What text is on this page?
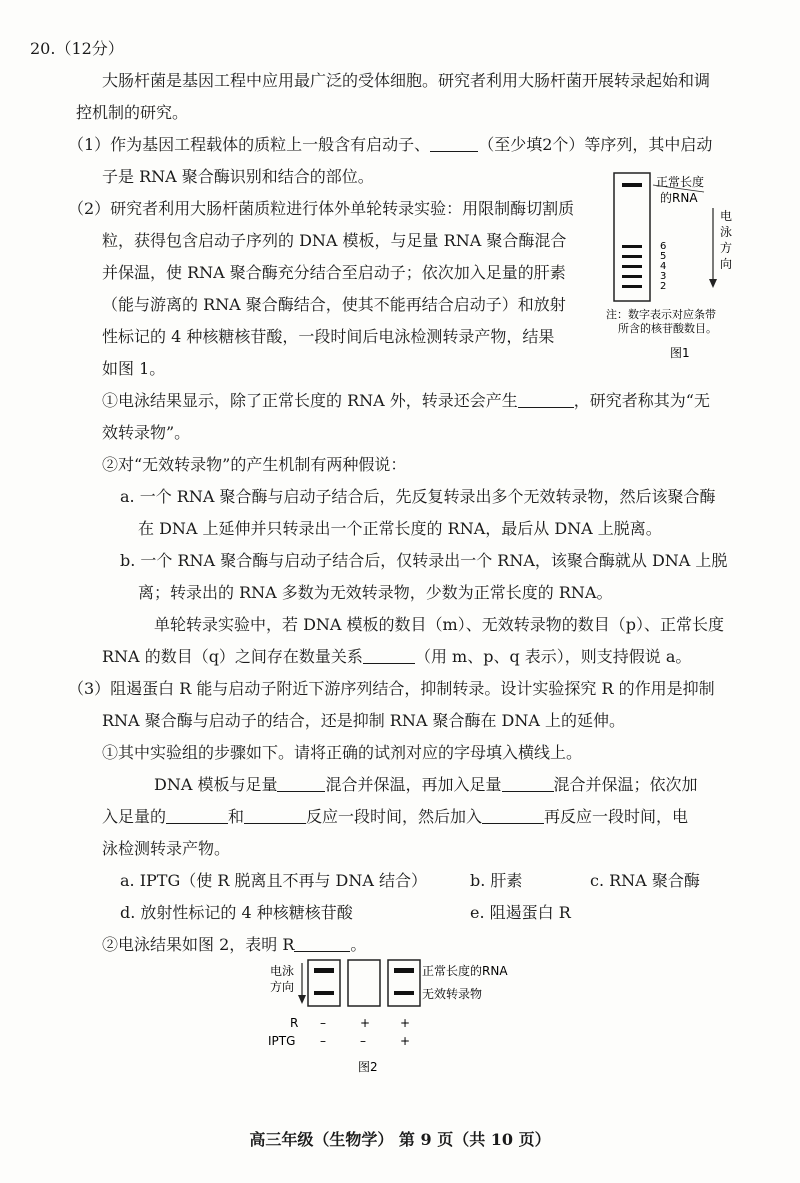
20.（12分）
大肠杆菌是基因工程中应用最广泛的受体细胞。研究者利用大肠杆菌开展转录起始和调
控机制的研究。
（1）作为基因工程载体的质粒上一般含有启动子、	（至少填2个）等序列，其中启动
子是 RNA 聚合酶识别和结合的部位。
（2）研究者利用大肠杆菌质粒进行体外单轮转录实验：用限制酶切割质
粒，获得包含启动子序列的 DNA 模板，与足量 RNA 聚合酶混合
并保温，使 RNA 聚合酶充分结合至启动子；依次加入足量的肝素
（能与游离的 RNA 聚合酶结合，使其不能再结合启动子）和放射
性标记的 4 种核糖核苷酸，一段时间后电泳检测转录产物，结果
如图 1。
正常长度
的RNA
6
5
4
3
2
电
泳
方
向
注：数字表示对应条带
所含的核苷酸数目。
图1
①电泳结果显示，除了正常长度的 RNA 外，转录还会产生	，研究者称其为“无
效转录物”。
②对“无效转录物”的产生机制有两种假说：
a. 一个 RNA 聚合酶与启动子结合后，先反复转录出多个无效转录物，然后该聚合酶
在 DNA 上延伸并只转录出一个正常长度的 RNA，最后从 DNA 上脱离。
b. 一个 RNA 聚合酶与启动子结合后，仅转录出一个 RNA，该聚合酶就从 DNA 上脱
离；转录出的 RNA 多数为无效转录物，少数为正常长度的 RNA。
单轮转录实验中，若 DNA 模板的数目（m）、无效转录物的数目（p）、正常长度
RNA 的数目（q）之间存在数量关系	（用 m、p、q 表示），则支持假说 a。
（3）阻遏蛋白 R 能与启动子附近下游序列结合，抑制转录。设计实验探究 R 的作用是抑制
RNA 聚合酶与启动子的结合，还是抑制 RNA 聚合酶在 DNA 上的延伸。
①其中实验组的步骤如下。请将正确的试剂对应的字母填入横线上。
DNA 模板与足量	混合并保温，再加入足量	混合并保温；依次加
入足量的	和	反应一段时间，然后加入	再反应一段时间，电
泳检测转录产物。
a. IPTG（使 R 脱离且不再与 DNA 结合）	b. 肝素	c. RNA 聚合酶
d. 放射性标记的 4 种核糖核苷酸	e. 阻遏蛋白 R
②电泳结果如图 2，表明 R	。
电泳
方向
正常长度的RNA
无效转录物
R –	+ +
IPTG –	–	+
图2
高三年级（生物学） 第 9 页（共 10 页）
